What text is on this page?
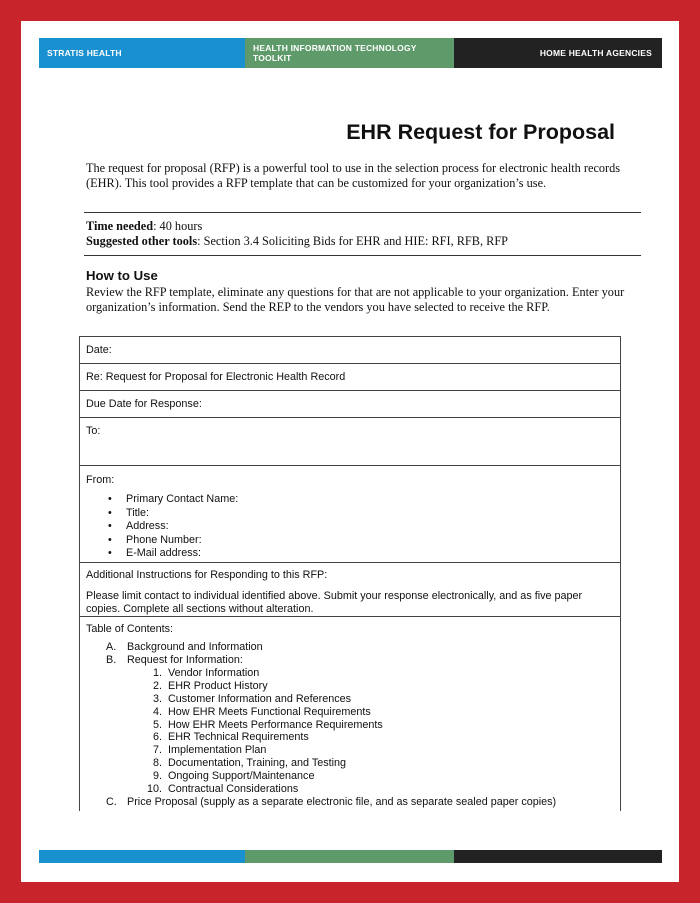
STRATIS HEALTH	HEALTH INFORMATION TECHNOLOGY TOOLKIT	HOME HEALTH AGENCIES
EHR Request for Proposal
The request for proposal (RFP) is a powerful tool to use in the selection process for electronic health records (EHR). This tool provides a RFP template that can be customized for your organization’s use.
Time needed: 40 hours
Suggested other tools: Section 3.4 Soliciting Bids for EHR and HIE: RFI, RFB, RFP
How to Use
Review the RFP template, eliminate any questions for that are not applicable to your organization. Enter your organization’s information. Send the REP to the vendors you have selected to receive the RFP.
Date:
Re: Request for Proposal for Electronic Health Record
Due Date for Response:
To:
From:
• Primary Contact Name:
• Title:
• Address:
• Phone Number:
• E-Mail address:
Additional Instructions for Responding to this RFP:
Please limit contact to individual identified above. Submit your response electronically, and as five paper copies. Complete all sections without alteration.
Table of Contents:
A. Background and Information
B. Request for Information:
1. Vendor Information
2. EHR Product History
3. Customer Information and References
4. How EHR Meets Functional Requirements
5. How EHR Meets Performance Requirements
6. EHR Technical Requirements
7. Implementation Plan
8. Documentation, Training, and Testing
9. Ongoing Support/Maintenance
10. Contractual Considerations
C. Price Proposal (supply as a separate electronic file, and as separate sealed paper copies)
